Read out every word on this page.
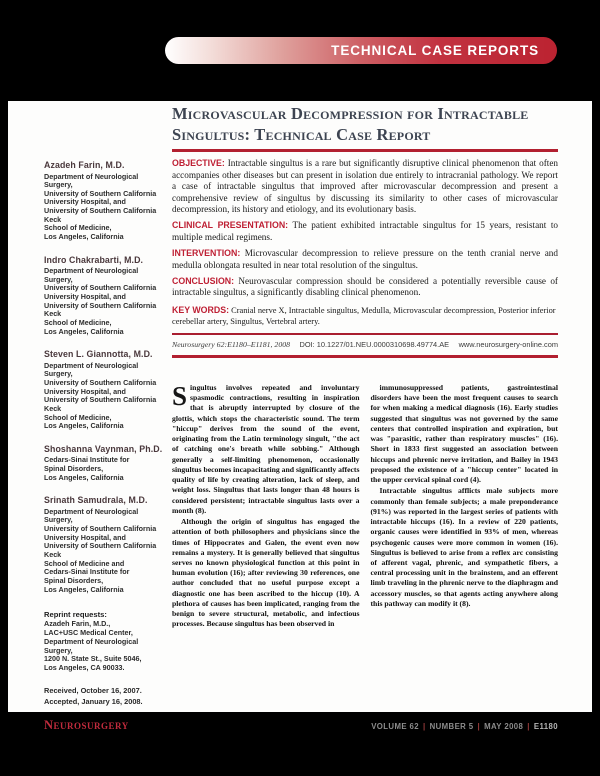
TECHNICAL CASE REPORTS
Microvascular Decompression for Intractable Singultus: Technical Case Report

OBJECTIVE: Intractable singultus is a rare but significantly disruptive clinical phenomenon that often accompanies other diseases but can present in isolation due entirely to intracranial pathology. We report a case of intractable singultus that improved after microvascular decompression and present a comprehensive review of singultus by discussing its similarity to other cases of microvascular decompression, its history and etiology, and its evolutionary basis.

CLINICAL PRESENTATION: The patient exhibited intractable singultus for 15 years, resistant to multiple medical regimens.

INTERVENTION: Microvascular decompression to relieve pressure on the tenth cranial nerve and medulla oblongata resulted in near total resolution of the singultus.

CONCLUSION: Neurovascular compression should be considered a potentially reversible cause of intractable singultus, a significantly disabling clinical phenomenon.

KEY WORDS: Cranial nerve X, Intractable singultus, Medulla, Microvascular decompression, Posterior inferior cerebellar artery, Singultus, Vertebral artery.

Neurosurgery 62:E1180–E1181, 2008 DOI: 10.1227/01.NEU.0000310698.49774.AE www.neurosurgery-online.com
Azadeh Farin, M.D.
Department of Neurological Surgery,
University of Southern California
University Hospital, and
University of Southern California Keck
School of Medicine,
Los Angeles, California
Indro Chakrabarti, M.D.
Department of Neurological Surgery,
University of Southern California
University Hospital, and
University of Southern California Keck
School of Medicine,
Los Angeles, California
Steven L. Giannotta, M.D.
Department of Neurological Surgery,
University of Southern California
University Hospital, and
University of Southern California Keck
School of Medicine,
Los Angeles, California
Shoshanna Vaynman, Ph.D.
Cedars-Sinai Institute for
Spinal Disorders,
Los Angeles, California
Srinath Samudrala, M.D.
Department of Neurological Surgery,
University of Southern California
University Hospital, and
University of Southern California Keck
School of Medicine and
Cedars-Sinai Institute for
Spinal Disorders,
Los Angeles, California
Reprint requests:
Azadeh Farin, M.D.,
LAC+USC Medical Center,
Department of Neurological Surgery,
1200 N. State St., Suite 5046,
Los Angeles, CA 90033.
Received, October 16, 2007.
Accepted, January 16, 2008.

Singultus involves repeated and involuntary spasmodic contractions, resulting in inspiration that is abruptly interrupted by closure of the glottis, which stops the characteristic sound. The term "hiccup" derives from the sound of the event, originating from the Latin terminology singult, "the act of catching one's breath while sobbing." Although generally a self-limiting phenomenon, occasionally singultus becomes incapacitating and significantly affects quality of life by creating alteration, lack of sleep, and weight loss. Singultus that lasts longer than 48 hours is considered persistent; intractable singultus lasts over a month (8).

Although the origin of singultus has engaged the attention of both philosophers and physicians since the times of Hippocrates and Galen, the event even now remains a mystery. It is generally believed that singultus serves no known physiological function at this point in human evolution (16); after reviewing 30 references, one author concluded that no useful purpose except a diagnostic one has been ascribed to the hiccup (10). A plethora of causes has been implicated, ranging from the benign to severe structural, metabolic, and infectious processes. Because singultus has been observed in

immunosuppressed patients, gastrointestinal disorders have been the most frequent causes to search for when making a medical diagnosis (16). Early studies suggested that singultus was not governed by the same centers that controlled inspiration and expiration, but was "parasitic, rather than respiratory muscles" (16). Short in 1833 first suggested an association between hiccups and phrenic nerve irritation, and Bailey in 1943 proposed the existence of a "hiccup center" located in the upper cervical spinal cord (4).

Intractable singultus afflicts male subjects more commonly than female subjects; a male preponderance (91%) was reported in the largest series of patients with intractable hiccups (16). In a review of 220 patients, organic causes were identified in 93% of men, whereas psychogenic causes were more common in women (16). Singultus is believed to arise from a reflex arc consisting of afferent vagal, phrenic, and sympathetic fibers, a central processing unit in the brainstem, and an efferent limb traveling in the phrenic nerve to the diaphragm and accessory muscles, so that agents acting anywhere along this pathway can modify it (8).

Neurosurgery	VOLUME 62 | NUMBER 5 | MAY 2008 | E1180
